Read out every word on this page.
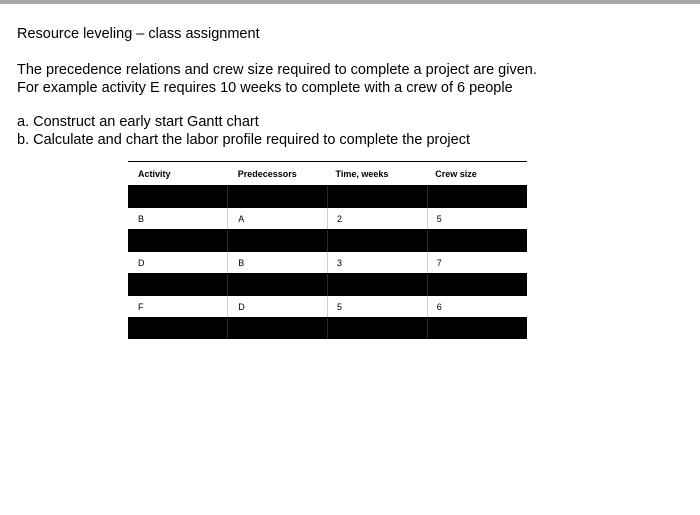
Resource leveling – class assignment
The precedence relations and crew size required to complete a project are given.
For example activity E requires 10 weeks to complete with a crew of 6 people
a. Construct an early start Gantt chart
b. Calculate and chart the labor profile required to complete the project
Activity	Predecessors	Time, weeks	Crew size

B	A	2	5

D	B	3	7

F	D	5	6
